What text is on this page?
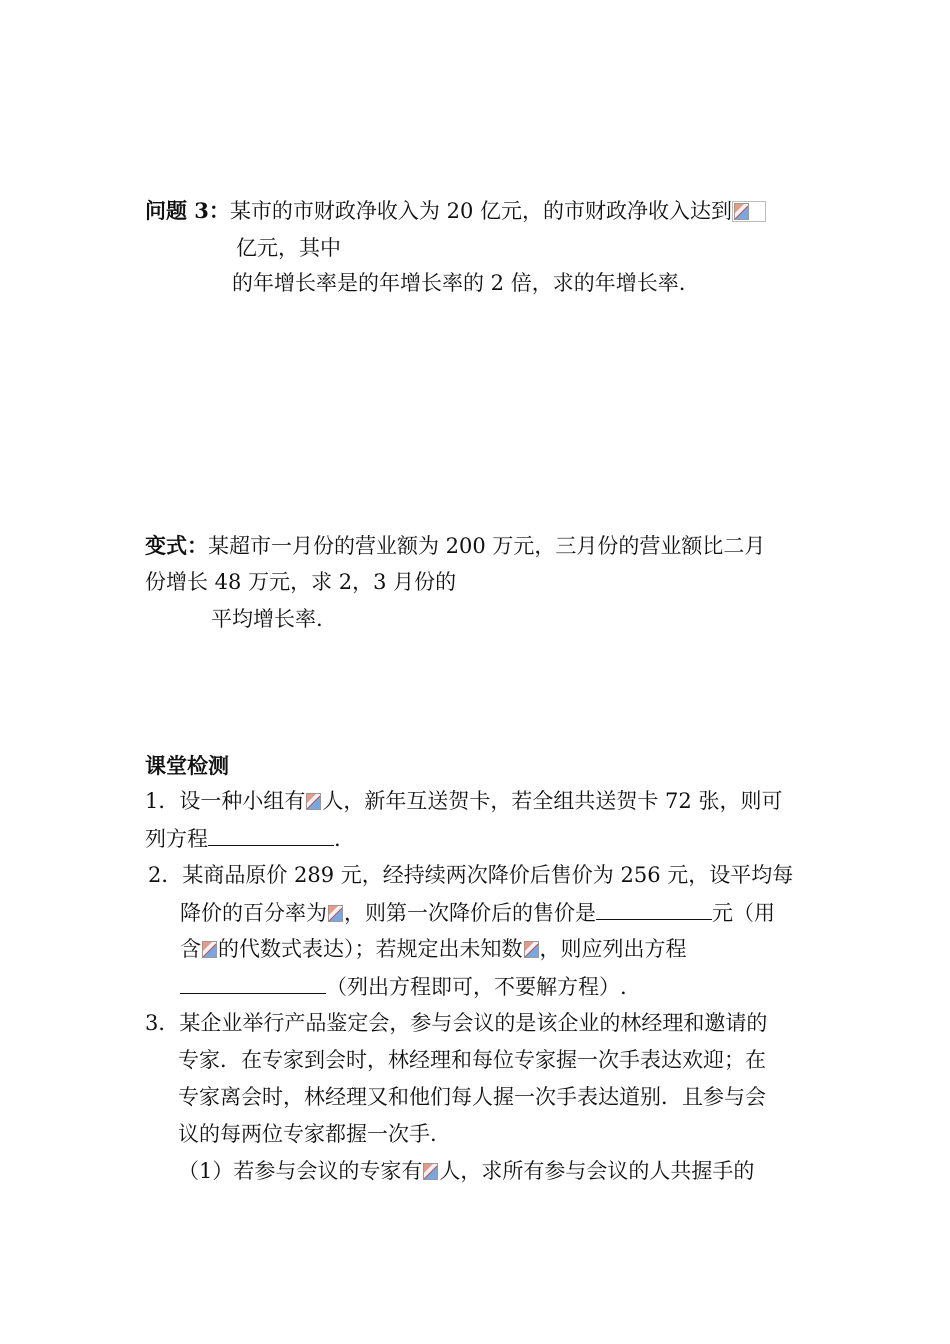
问题 3：某市的市财政净收入为 20 亿元，的市财政净收入达到
亿元，其中
的年增长率是的年增长率的 2 倍，求的年增长率.
变式：某超市一月份的营业额为 200 万元，三月份的营业额比二月
份增长 48 万元，求 2，3 月份的
平均增长率.
课堂检测
1．设一种小组有 人，新年互送贺卡，若全组共送贺卡 72 张，则可
列方程	.
2．某商品原价 289 元，经持续两次降价后售价为 256 元，设平均每
降价的百分率为 ，则第一次降价后的售价是	元（用
含 的代数式表达）；若规定出未知数 ，则应列出方程
（列出方程即可，不要解方程）.
3．某企业举行产品鉴定会，参与会议的是该企业的林经理和邀请的
专家．在专家到会时，林经理和每位专家握一次手表达欢迎；在
专家离会时，林经理又和他们每人握一次手表达道别．且参与会
议的每两位专家都握一次手.
（1）若参与会议的专家有 人，求所有参与会议的人共握手的
